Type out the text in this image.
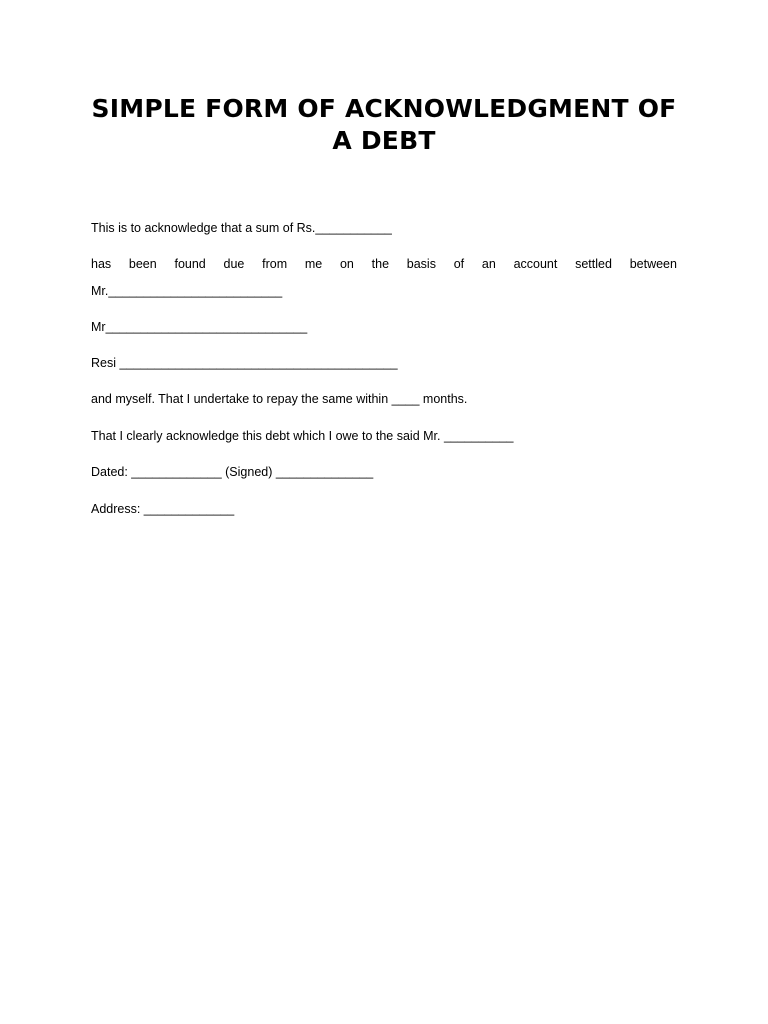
SIMPLE FORM OF ACKNOWLEDGMENT OF
A DEBT

This is to acknowledge that a sum of Rs.___________

has been found due from me on the basis of an account settled between

Mr._________________________

Mr_____________________________

Resi ________________________________________

and myself. That I undertake to repay the same within ____ months.

That I clearly acknowledge this debt which I owe to the said Mr. __________

Dated: _____________ (Signed) ______________

Address: _____________
